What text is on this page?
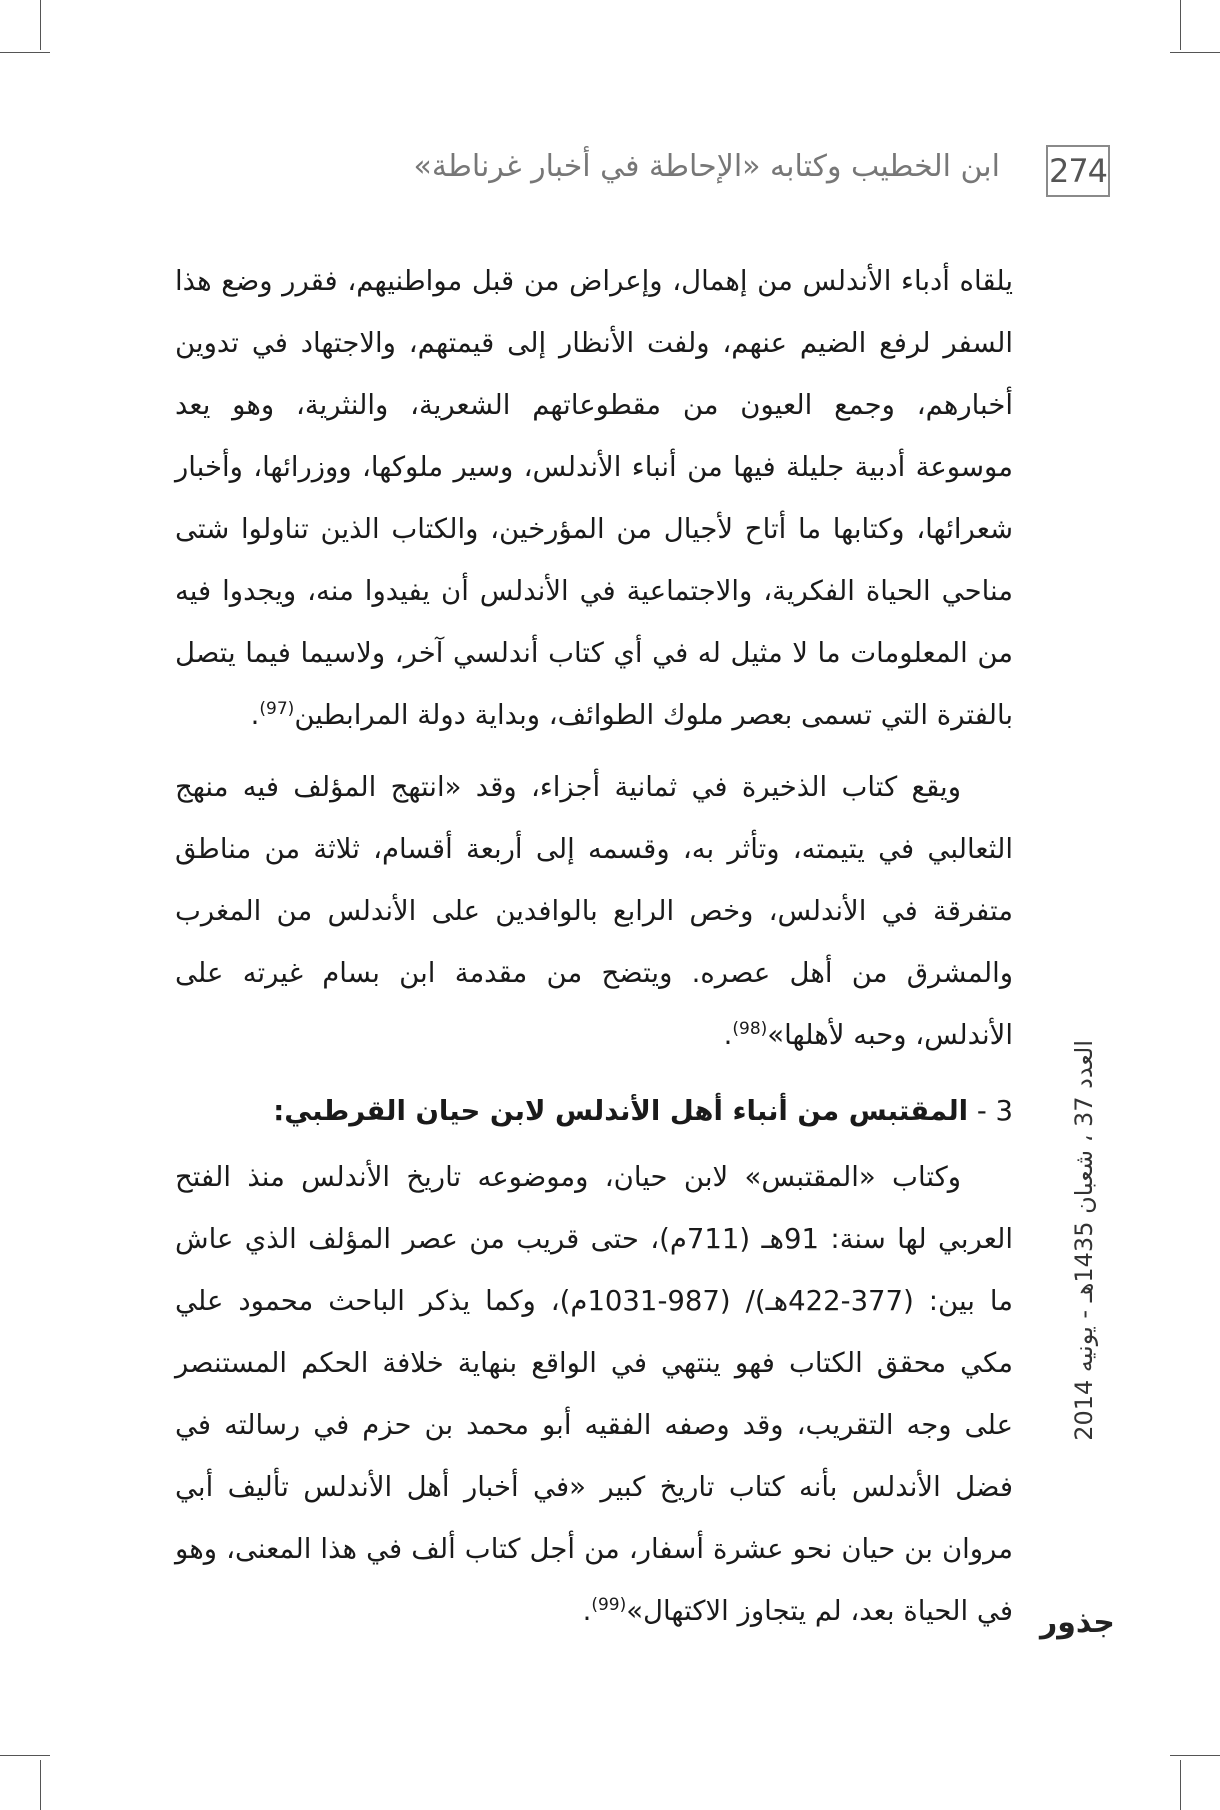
274
ابن الخطيب وكتابه «الإحاطة في أخبار غرناطة»

يلقاه أدباء الأندلس من إهمال، وإعراض من قبل مواطنيهم، فقرر وضع هذا السفر لرفع الضيم عنهم، ولفت الأنظار إلى قيمتهم، والاجتهاد في تدوين أخبارهم، وجمع العيون من مقطوعاتهم الشعرية، والنثرية، وهو يعد موسوعة أدبية جليلة فيها من أنباء الأندلس، وسير ملوكها، ووزرائها، وأخبار شعرائها، وكتابها ما أتاح لأجيال من المؤرخين، والكتاب الذين تناولوا شتى مناحي الحياة الفكرية، والاجتماعية في الأندلس أن يفيدوا منه، ويجدوا فيه من المعلومات ما لا مثيل له في أي كتاب أندلسي آخر، ولاسيما فيما يتصل بالفترة التي تسمى بعصر ملوك الطوائف، وبداية دولة المرابطين$^{(97)}$.

ويقع كتاب الذخيرة في ثمانية أجزاء، وقد «انتهج المؤلف فيه منهج الثعالبي في يتيمته، وتأثر به، وقسمه إلى أربعة أقسام، ثلاثة من مناطق متفرقة في الأندلس، وخص الرابع بالوافدين على الأندلس من المغرب والمشرق من أهل عصره. ويتضح من مقدمة ابن بسام غيرته على الأندلس، وحبه لأهلها»$^{(98)}$.

3 - المقتبس من أنباء أهل الأندلس لابن حيان القرطبي:

وكتاب «المقتبس» لابن حيان، وموضوعه تاريخ الأندلس منذ الفتح العربي لها سنة: 91هـ (711م)، حتى قريب من عصر المؤلف الذي عاش ما بين: (377-422هـ)/ (987-1031م)، وكما يذكر الباحث محمود علي مكي محقق الكتاب فهو ينتهي في الواقع بنهاية خلافة الحكم المستنصر على وجه التقريب، وقد وصفه الفقيه أبو محمد بن حزم في رسالته في فضل الأندلس بأنه كتاب تاريخ كبير «في أخبار أهل الأندلس تأليف أبي مروان بن حيان نحو عشرة أسفار، من أجل كتاب ألف في هذا المعنى، وهو في الحياة بعد، لم يتجاوز الاكتهال»$^{(99)}$.

العدد 37 ، شعبان 1435هـ - يونيه 2014
جذور
